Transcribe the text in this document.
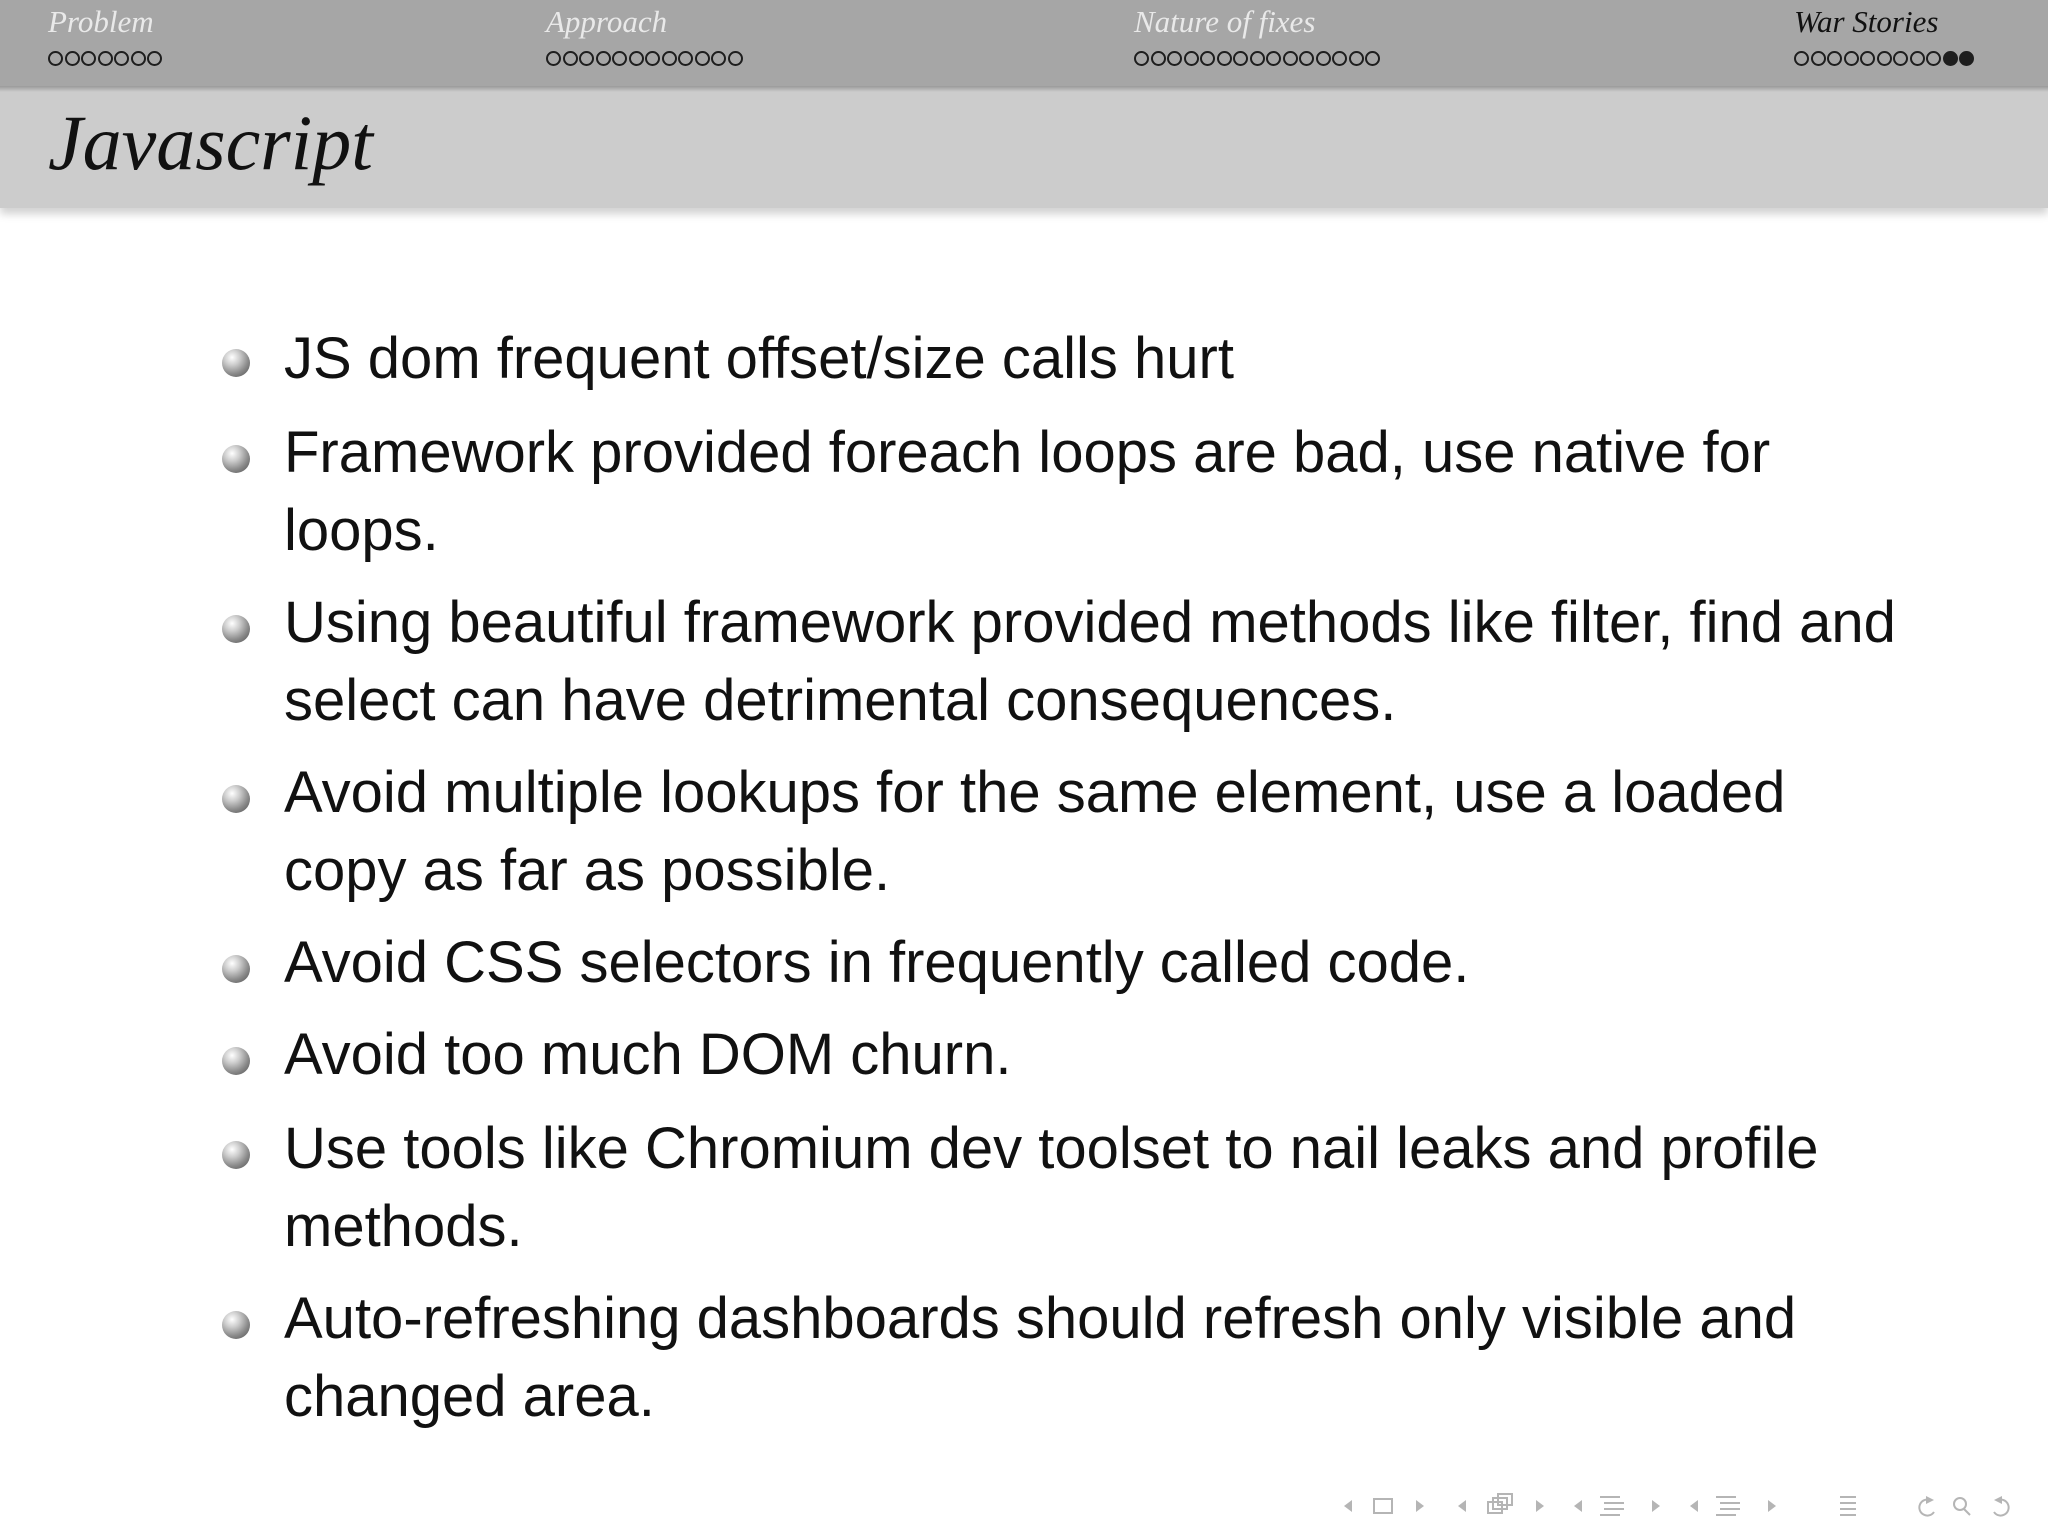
Problem	Approach	Nature of fixes	War Stories
Javascript
JS dom frequent offset/size calls hurt
Framework provided foreach loops are bad, use native for loops.
Using beautiful framework provided methods like filter, find and select can have detrimental consequences.
Avoid multiple lookups for the same element, use a loaded copy as far as possible.
Avoid CSS selectors in frequently called code.
Avoid too much DOM churn.
Use tools like Chromium dev toolset to nail leaks and profile methods.
Auto-refreshing dashboards should refresh only visible and changed area.
